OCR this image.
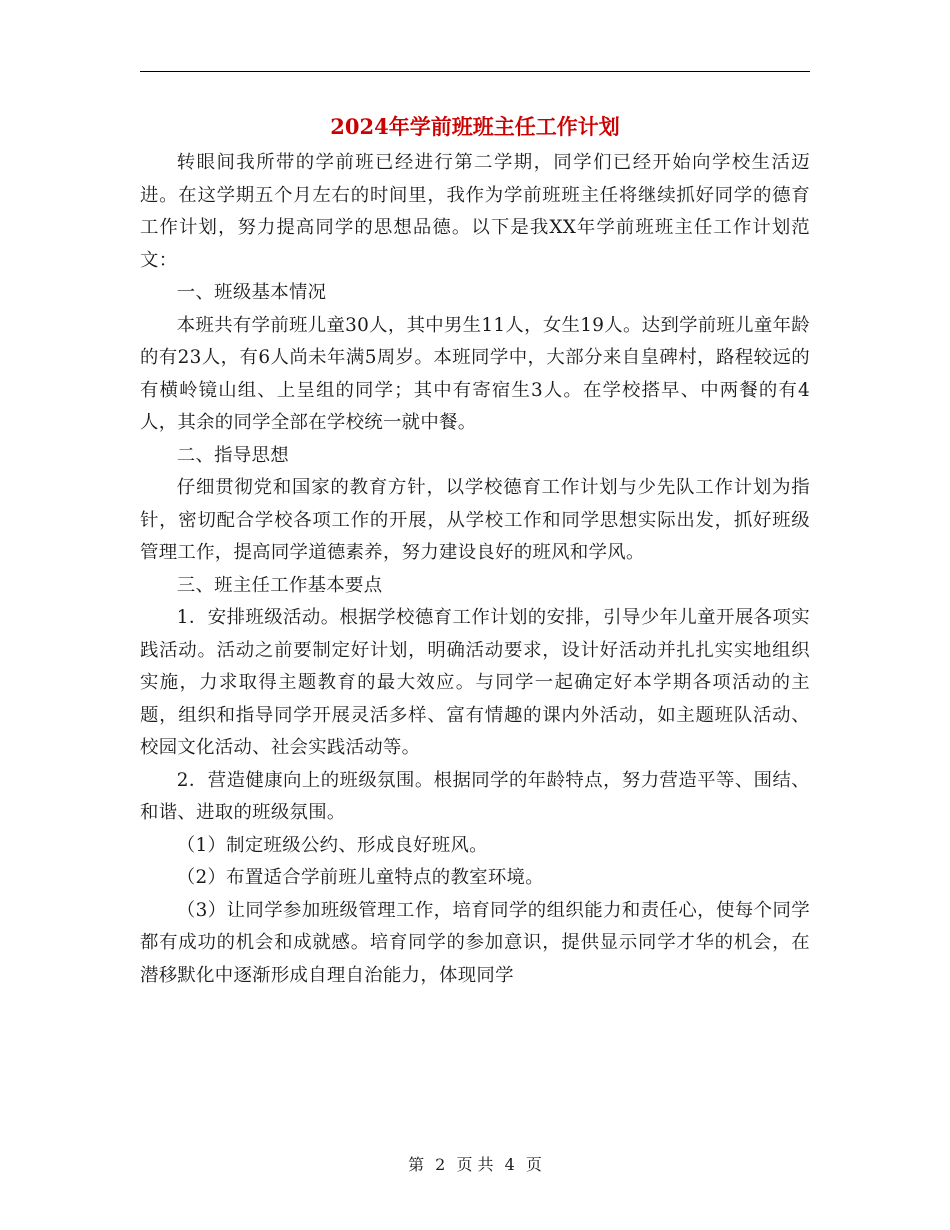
2024年学前班班主任工作计划

转眼间我所带的学前班已经进行第二学期，同学们已经开始向学校生活迈进。在这学期五个月左右的时间里，我作为学前班班主任将继续抓好同学的德育工作计划，努力提高同学的思想品德。以下是我XX年学前班班主任工作计划范文：

一、班级基本情况

本班共有学前班儿童30人，其中男生11人，女生19人。达到学前班儿童年龄的有23人，有6人尚未年满5周岁。本班同学中，大部分来自皇碑村，路程较远的有横岭镜山组、上呈组的同学；其中有寄宿生3人。在学校搭早、中两餐的有4人，其余的同学全部在学校统一就中餐。

二、指导思想

仔细贯彻党和国家的教育方针，以学校德育工作计划与少先队工作计划为指针，密切配合学校各项工作的开展，从学校工作和同学思想实际出发，抓好班级管理工作，提高同学道德素养，努力建设良好的班风和学风。

三、班主任工作基本要点

1．安排班级活动。根据学校德育工作计划的安排，引导少年儿童开展各项实践活动。活动之前要制定好计划，明确活动要求，设计好活动并扎扎实实地组织实施，力求取得主题教育的最大效应。与同学一起确定好本学期各项活动的主题，组织和指导同学开展灵活多样、富有情趣的课内外活动，如主题班队活动、校园文化活动、社会实践活动等。

2．营造健康向上的班级氛围。根据同学的年龄特点，努力营造平等、围结、和谐、进取的班级氛围。

（1）制定班级公约、形成良好班风。

（2）布置适合学前班儿童特点的教室环境。

（3）让同学参加班级管理工作，培育同学的组织能力和责任心，使每个同学都有成功的机会和成就感。培育同学的参加意识，提供显示同学才华的机会，在潜移默化中逐渐形成自理自治能力，体现同学

第 2 页 共 4 页
